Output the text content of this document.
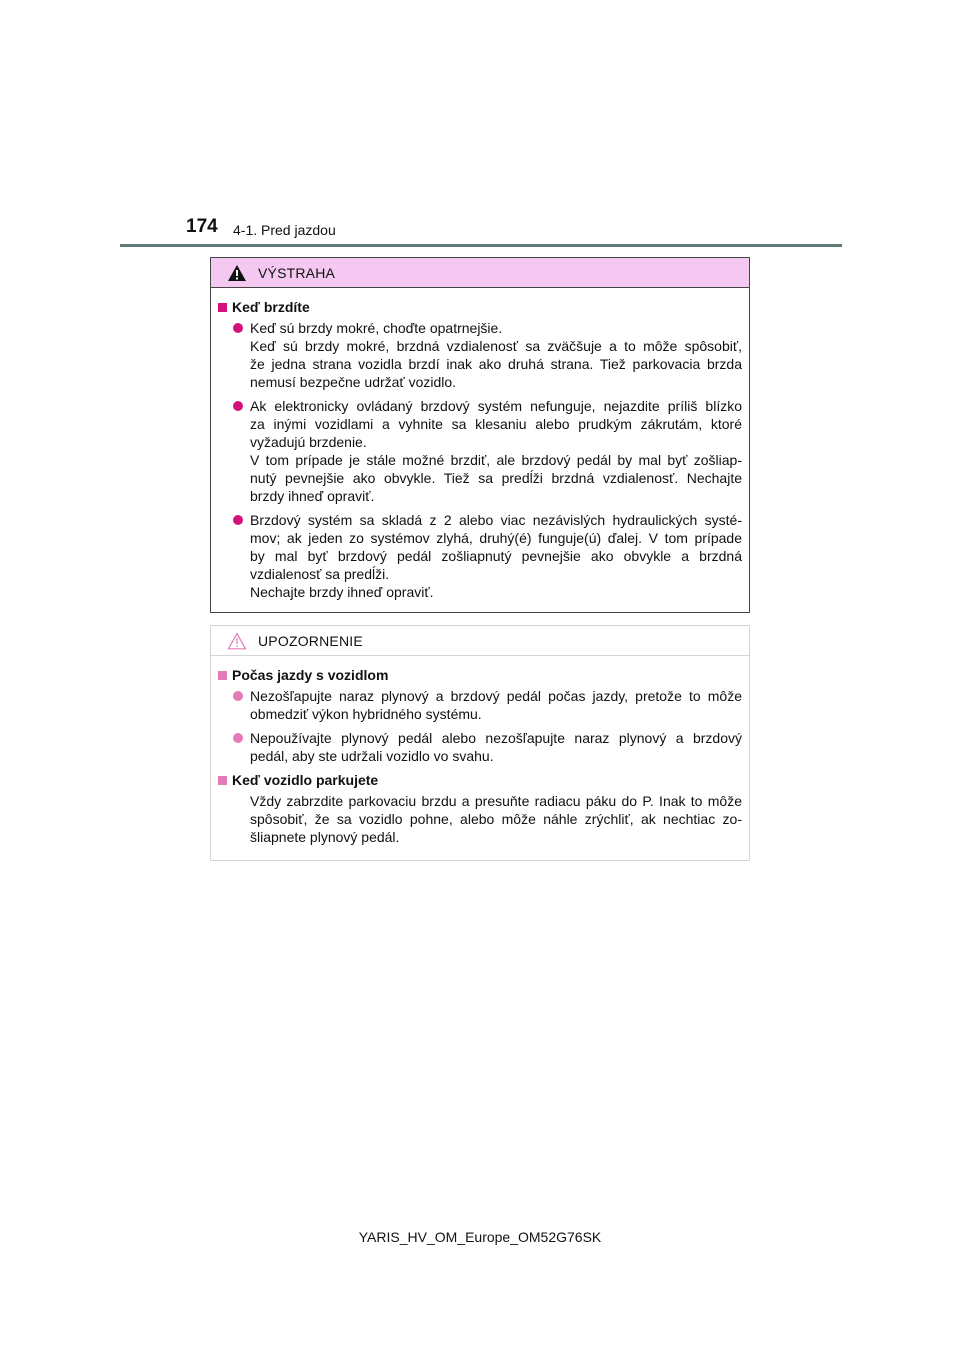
174 4-1. Pred jazdou
VÝSTRAHA
Keď brzdíte
Keď sú brzdy mokré, choďte opatrnejšie.
Keď sú brzdy mokré, brzdná vzdialenosť sa zväčšuje a to môže spôsobiť,
že jedna strana vozidla brzdí inak ako druhá strana. Tiež parkovacia brzda
nemusí bezpečne udržať vozidlo.
Ak elektronicky ovládaný brzdový systém nefunguje, nejazdite príliš blízko
za inými vozidlami a vyhnite sa klesaniu alebo prudkým zákrutám, ktoré
vyžadujú brzdenie.
V tom prípade je stále možné brzdiť, ale brzdový pedál by mal byť zošliap-
nutý pevnejšie ako obvykle. Tiež sa predĺži brzdná vzdialenosť. Nechajte
brzdy ihneď opraviť.
Brzdový systém sa skladá z 2 alebo viac nezávislých hydraulických systé-
mov; ak jeden zo systémov zlyhá, druhý(é) funguje(ú) ďalej. V tom prípade
by mal byť brzdový pedál zošliapnutý pevnejšie ako obvykle a brzdná
vzdialenosť sa predĺži.
Nechajte brzdy ihneď opraviť.
UPOZORNENIE
Počas jazdy s vozidlom
Nezošľapujte naraz plynový a brzdový pedál počas jazdy, pretože to môže
obmedziť výkon hybridného systému.
Nepoužívajte plynový pedál alebo nezošľapujte naraz plynový a brzdový
pedál, aby ste udržali vozidlo vo svahu.
Keď vozidlo parkujete
Vždy zabrzdite parkovaciu brzdu a presuňte radiacu páku do P. Inak to môže
spôsobiť, že sa vozidlo pohne, alebo môže náhle zrýchliť, ak nechtiac zo-
šliapnete plynový pedál.
YARIS_HV_OM_Europe_OM52G76SK
